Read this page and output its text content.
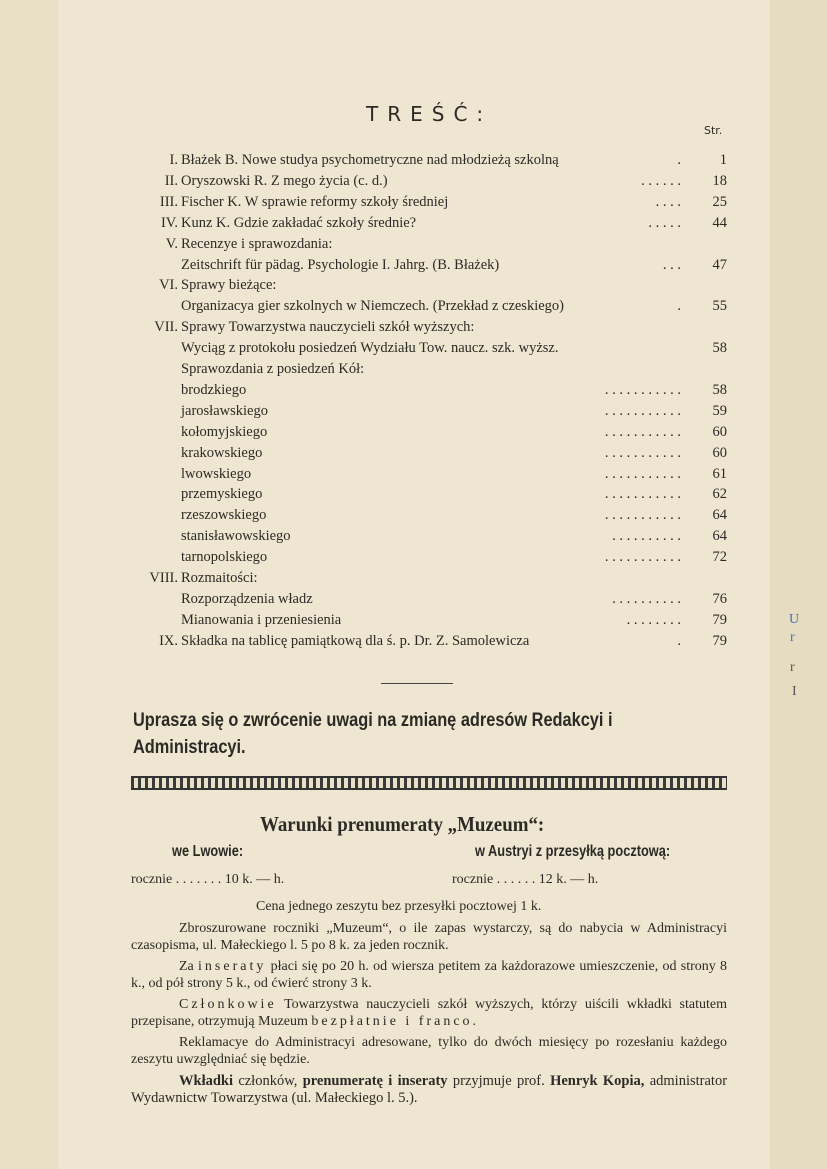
TREŚĆ:
Str.
I. Błażek B. Nowe studya psychometryczne nad młodzieżą szkolną	.	1
II. Oryszowski R. Z mego życia (c. d.)	. . . . . .	18
III. Fischer K. W sprawie reformy szkoły średniej	. . . .	25
IV. Kunz K. Gdzie zakładać szkoły średnie?	. . . . .	44
V. Recenzye i sprawozdania:
Zeitschrift für pädag. Psychologie I. Jahrg. (B. Błażek)	. . .	47
VI. Sprawy bieżące:
Organizacya gier szkolnych w Niemczech. (Przekład z czeskiego)	.	55
VII. Sprawy Towarzystwa nauczycieli szkół wyższych:
Wyciąg z protokołu posiedzeń Wydziału Tow. naucz. szk. wyższ.	58
Sprawozdania z posiedzeń Kół:
brodzkiego	. . . . . . . . . . .	58
jarosławskiego	. . . . . . . . . . .	59
kołomyjskiego	. . . . . . . . . . .	60
krakowskiego	. . . . . . . . . . .	60
lwowskiego	. . . . . . . . . . .	61
przemyskiego	. . . . . . . . . . .	62
rzeszowskiego	. . . . . . . . . . .	64
stanisławowskiego	. . . . . . . . . .	64
tarnopolskiego	. . . . . . . . . . .	72
VIII. Rozmaitości:
Rozporządzenia władz	. . . . . . . . . .	76
Mianowania i przeniesienia	. . . . . . . .	79
IX. Składka na tablicę pamiątkową dla ś. p. Dr. Z. Samolewicza	.	79
Uprasza się o zwrócenie uwagi na zmianę adresów Redakcyi i Administracyi.
Warunki prenumeraty „Muzeum“:
we Lwowie:	w Austryi z przesyłką pocztową:
rocznie . . . . . . . 10 k. — h.	rocznie . . . . . . 12 k. — h.
Cena jednego zeszytu bez przesyłki pocztowej 1 k.
Zbroszurowane roczniki „Muzeum“, o ile zapas wystarczy, są do nabycia w Administracyi czasopisma, ul. Małeckiego l. 5 po 8 k. za jeden rocznik.
Za inseraty płaci się po 20 h. od wiersza petitem za każdorazowe umieszczenie, od strony 8 k., od pół strony 5 k., od ćwierć strony 3 k.
Członkowie Towarzystwa nauczycieli szkół wyższych, którzy uiścili wkładki statutem przepisane, otrzymują Muzeum bezpłatnie i franco.
Reklamacye do Administracyi adresowane, tylko do dwóch miesięcy po rozesłaniu każdego zeszytu uwzględniać się będzie.
Wkładki członków, prenumeratę i inseraty przyjmuje prof. Henryk Kopia, administrator Wydawnictw Towarzystwa (ul. Małeckiego l. 5.).
U
r
r
I
